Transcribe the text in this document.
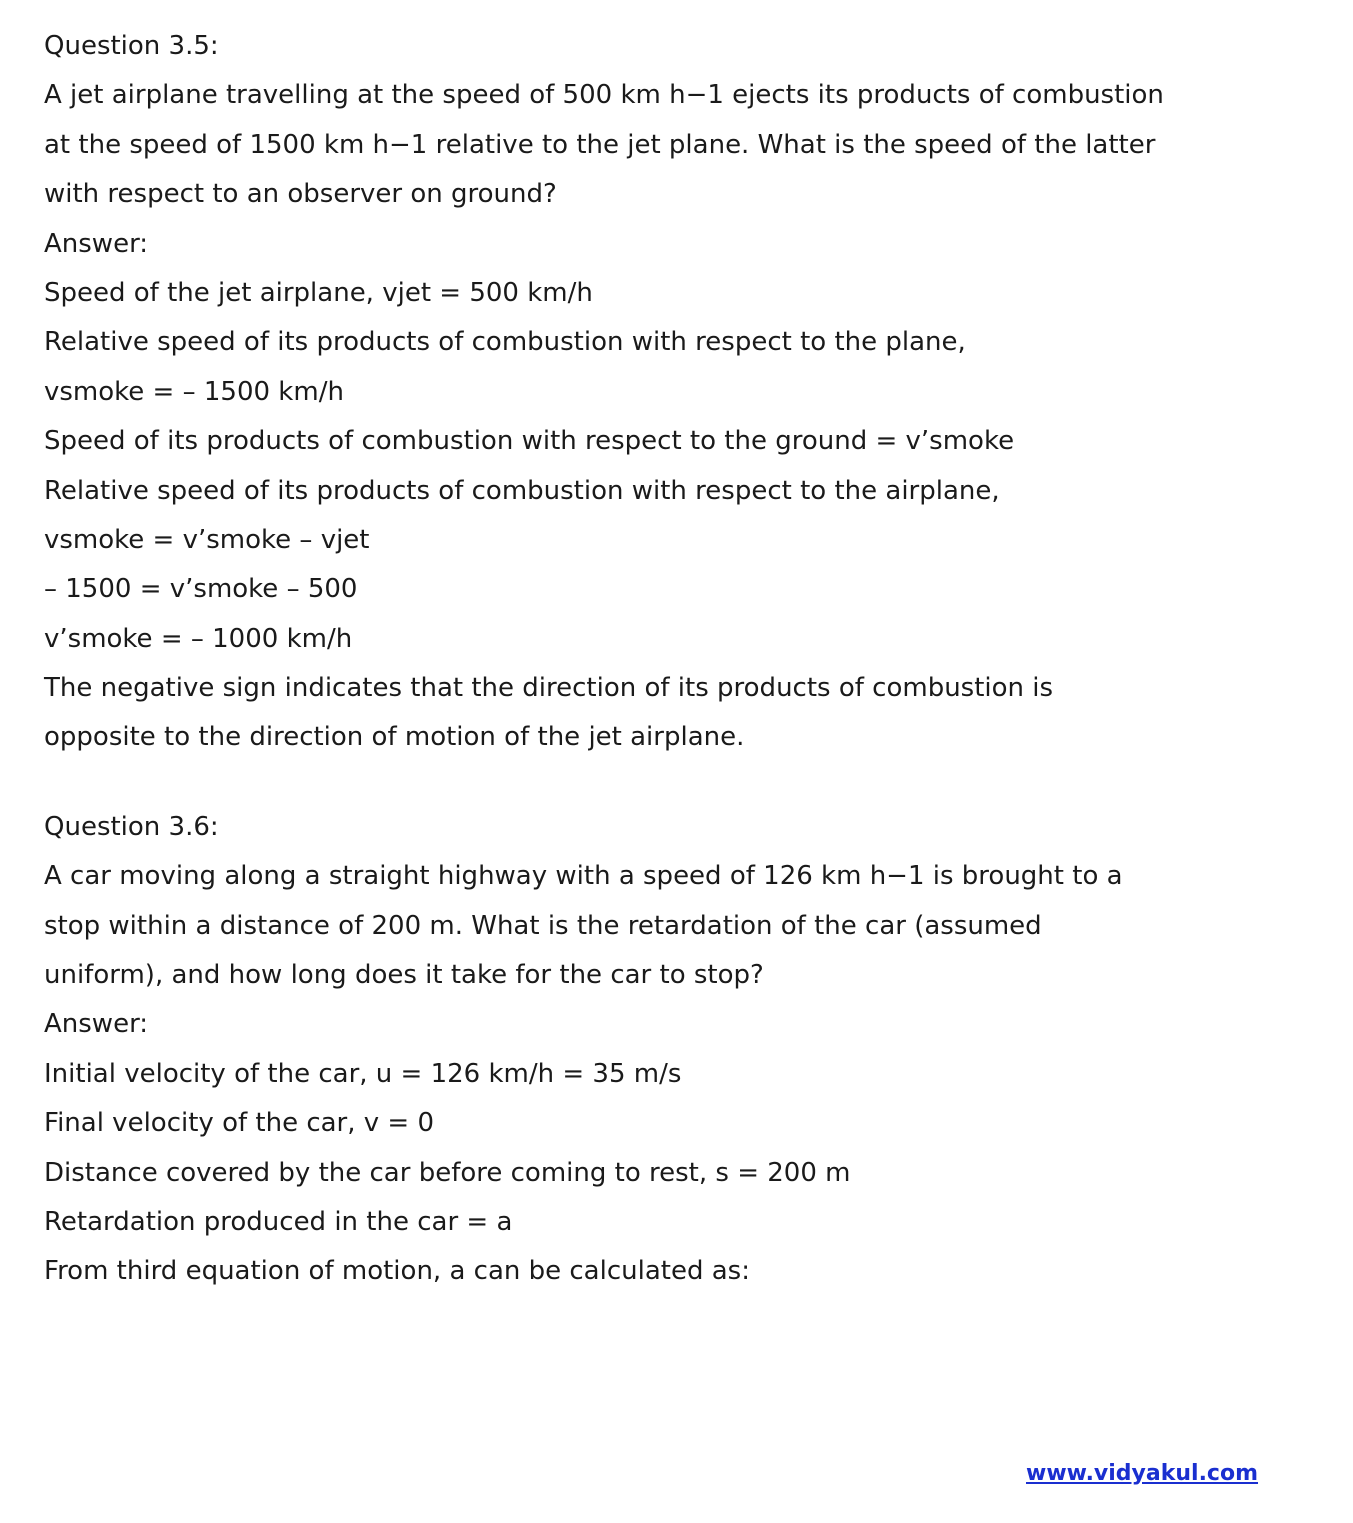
Question 3.5:

A jet airplane travelling at the speed of 500 km h−1 ejects its products of combustion

at the speed of 1500 km h−1 relative to the jet plane. What is the speed of the latter

with respect to an observer on ground?

Answer:

Speed of the jet airplane, vjet = 500 km/h

Relative speed of its products of combustion with respect to the plane,

vsmoke = – 1500 km/h

Speed of its products of combustion with respect to the ground = v’smoke

Relative speed of its products of combustion with respect to the airplane,

vsmoke = v’smoke – vjet

– 1500 = v’smoke – 500

v’smoke = – 1000 km/h

The negative sign indicates that the direction of its products of combustion is

opposite to the direction of motion of the jet airplane.

Question 3.6:

A car moving along a straight highway with a speed of 126 km h−1 is brought to a

stop within a distance of 200 m. What is the retardation of the car (assumed

uniform), and how long does it take for the car to stop?

Answer:

Initial velocity of the car, u = 126 km/h = 35 m/s

Final velocity of the car, v = 0

Distance covered by the car before coming to rest, s = 200 m

Retardation produced in the car = a

From third equation of motion, a can be calculated as:

www.vidyakul.com
